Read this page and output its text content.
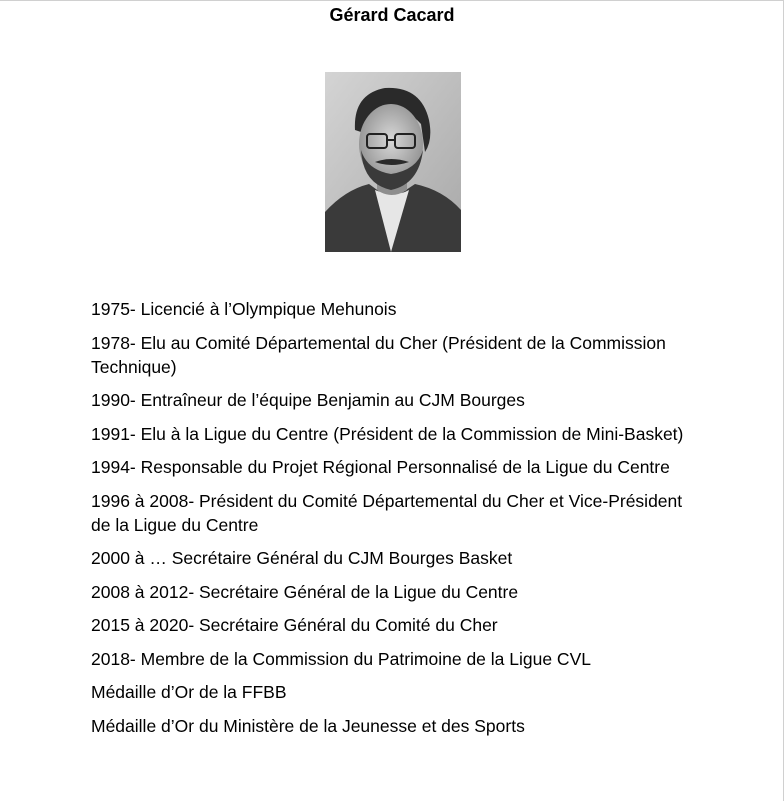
Gérard Cacard
1975- Licencié à l’Olympique Mehunois
1978- Elu au Comité Départemental du Cher (Président de la Commission Technique)
1990- Entraîneur de l’équipe Benjamin au CJM Bourges
1991- Elu à la Ligue du Centre (Président de la Commission de Mini-Basket)
1994- Responsable du Projet Régional Personnalisé de la Ligue du Centre
1996 à 2008- Président du Comité Départemental du Cher et Vice-Président de la Ligue du Centre
2000 à … Secrétaire Général du CJM Bourges Basket
2008 à 2012- Secrétaire Général de la Ligue du Centre
2015 à 2020- Secrétaire Général du Comité du Cher
2018- Membre de la Commission du Patrimoine de la Ligue CVL
Médaille d’Or de la FFBB
Médaille d’Or du Ministère de la Jeunesse et des Sports
